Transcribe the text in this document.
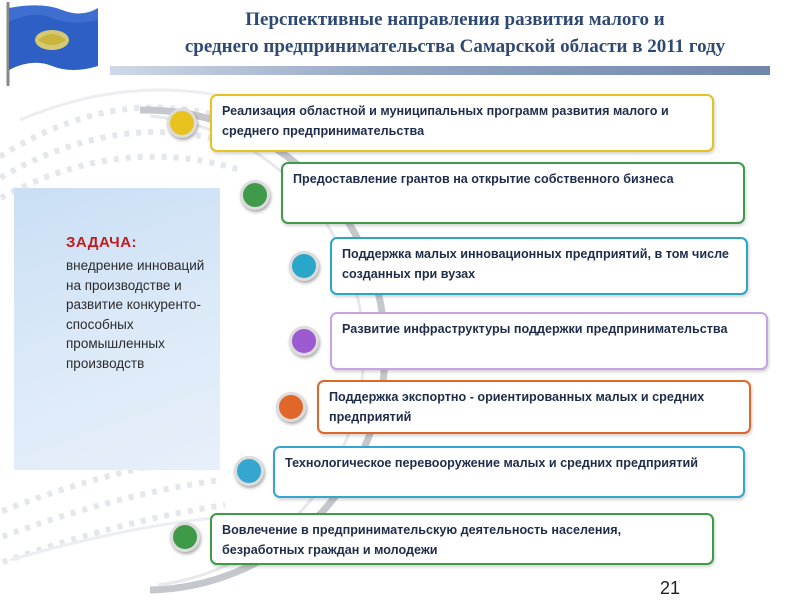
Перспективные направления развития малого и
среднего предпринимательства Самарской области в 2011 году
ЗАДАЧА:
внедрение инноваций на производстве и развитие конкуренто-способных промышленных производств
Реализация областной и муниципальных программ развития малого и среднего предпринимательства
Предоставление грантов на открытие собственного бизнеса
Поддержка малых инновационных предприятий, в том числе созданных при вузах
Развитие инфраструктуры поддержки предпринимательства
Поддержка экспортно - ориентированных малых и средних предприятий
Технологическое перевооружение малых и средних предприятий
Вовлечение в предпринимательскую деятельность населения, безработных граждан и молодежи
21
